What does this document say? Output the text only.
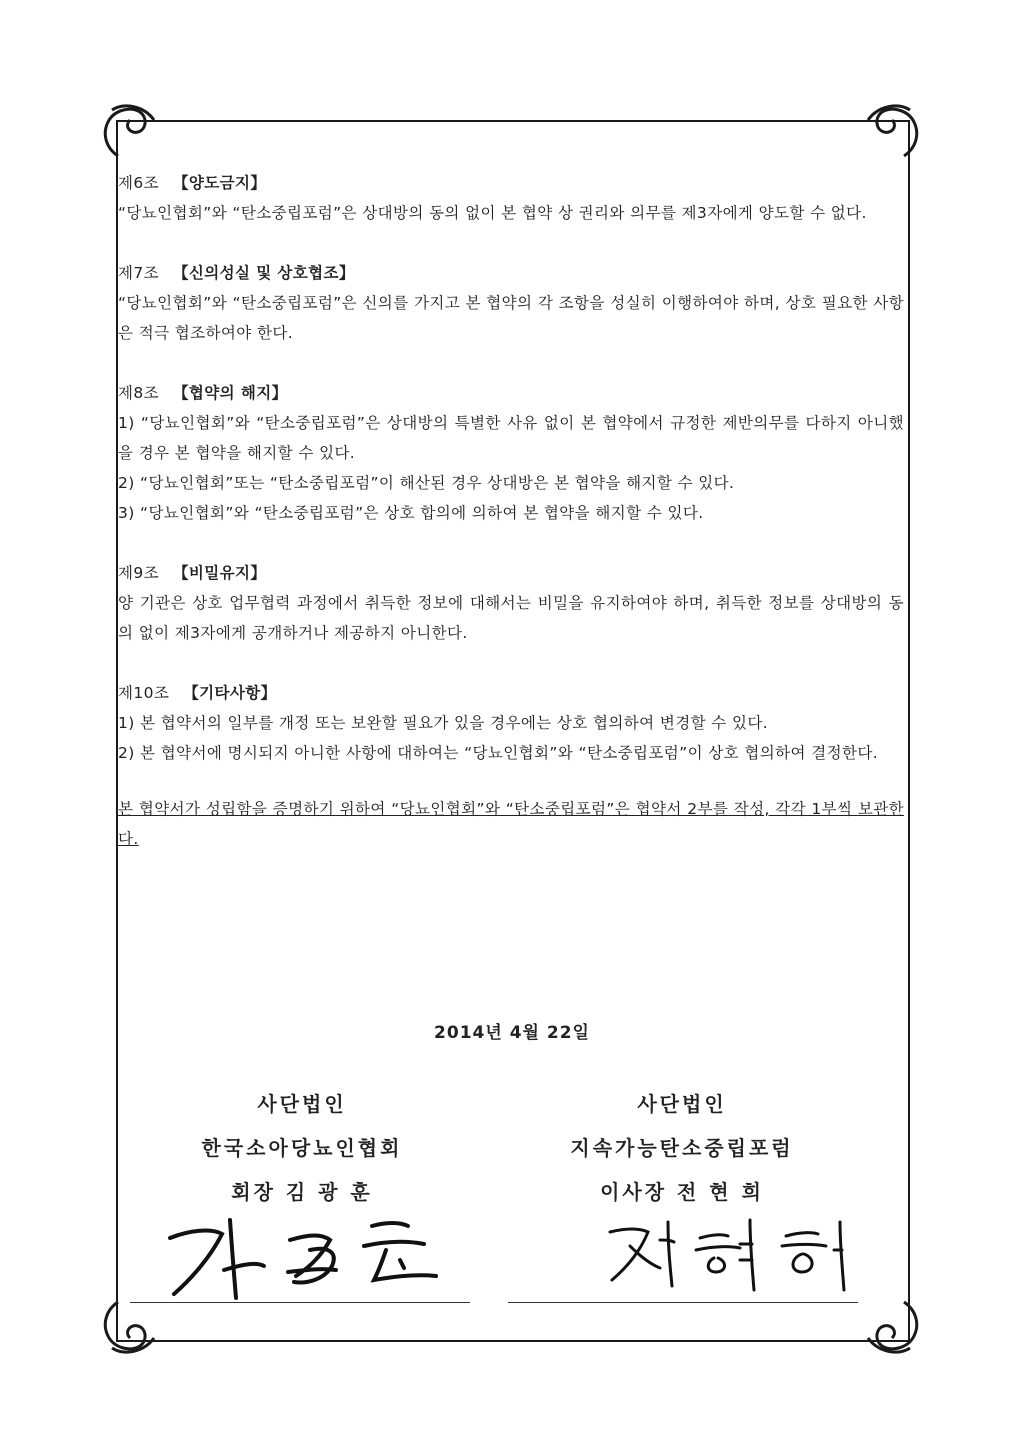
제6조 【양도금지】
“당뇨인협회”와 “탄소중립포럼”은 상대방의 동의 없이 본 협약 상 권리와 의무를 제3자에게 양도할 수 없다.
제7조 【신의성실 및 상호협조】
“당뇨인협회”와 “탄소중립포럼”은 신의를 가지고 본 협약의 각 조항을 성실히 이행하여야 하며, 상호 필요한 사항은 적극 협조하여야 한다.
제8조 【협약의 해지】
1) “당뇨인협회”와 “탄소중립포럼”은 상대방의 특별한 사유 없이 본 협약에서 규정한 제반의무를 다하지 아니했을 경우 본 협약을 해지할 수 있다.
2) “당뇨인협회”또는 “탄소중립포럼”이 해산된 경우 상대방은 본 협약을 해지할 수 있다.
3) “당뇨인협회”와 “탄소중립포럼”은 상호 합의에 의하여 본 협약을 해지할 수 있다.
제9조 【비밀유지】
양 기관은 상호 업무협력 과정에서 취득한 정보에 대해서는 비밀을 유지하여야 하며, 취득한 정보를 상대방의 동의 없이 제3자에게 공개하거나 제공하지 아니한다.
제10조 【기타사항】
1) 본 협약서의 일부를 개정 또는 보완할 필요가 있을 경우에는 상호 협의하여 변경할 수 있다.
2) 본 협약서에 명시되지 아니한 사항에 대하여는 “당뇨인협회”와 “탄소중립포럼”이 상호 협의하여 결정한다.
본 협약서가 성립함을 증명하기 위하여 “당뇨인협회”와 “탄소중립포럼”은 협약서 2부를 작성, 각각 1부씩 보관한다.
2014년 4월 22일
사단법인
한국소아당뇨인협회
회장 김 광 훈
사단법인
지속가능탄소중립포럼
이사장 전 현 희
